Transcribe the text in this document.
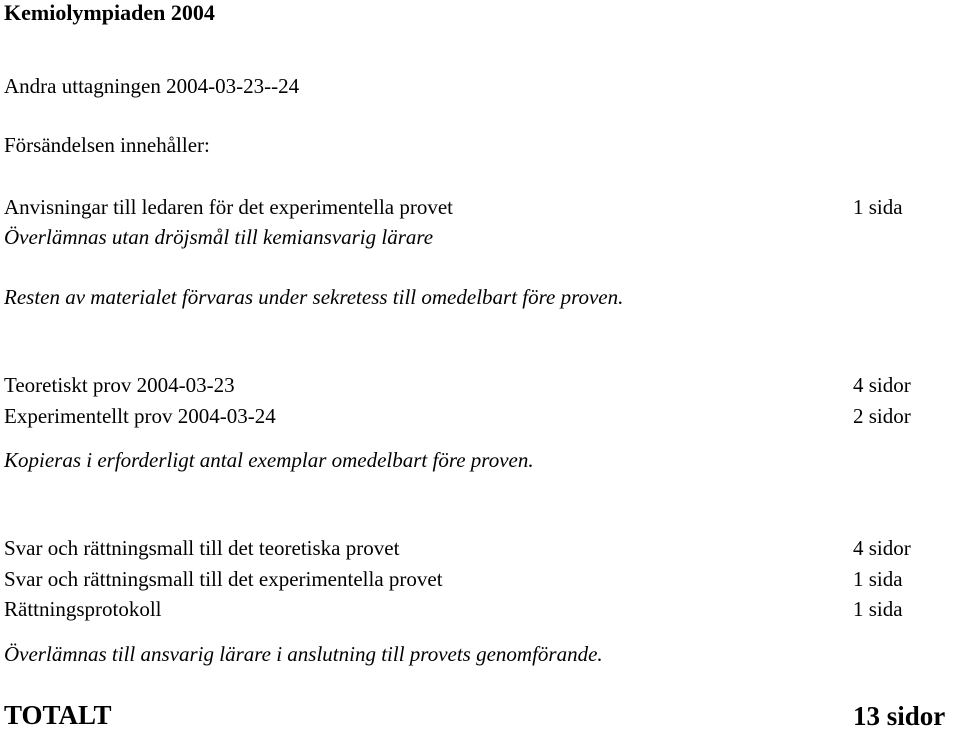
Kemiolympiaden 2004
Andra uttagningen 2004-03-23--24
Försändelsen innehåller:
Anvisningar till ledaren för det experimentella provet	1 sida
Överlämnas utan dröjsmål till kemiansvarig lärare
Resten av materialet förvaras under sekretess till omedelbart före proven.
Teoretiskt prov 2004-03-23	4 sidor
Experimentellt prov 2004-03-24	2 sidor
Kopieras i erforderligt antal exemplar omedelbart före proven.
Svar och rättningsmall till det teoretiska provet	4 sidor
Svar och rättningsmall till det experimentella provet	1 sida
Rättningsprotokoll	1 sida
Överlämnas till ansvarig lärare i anslutning till provets genomförande.
TOTALT	13 sidor
